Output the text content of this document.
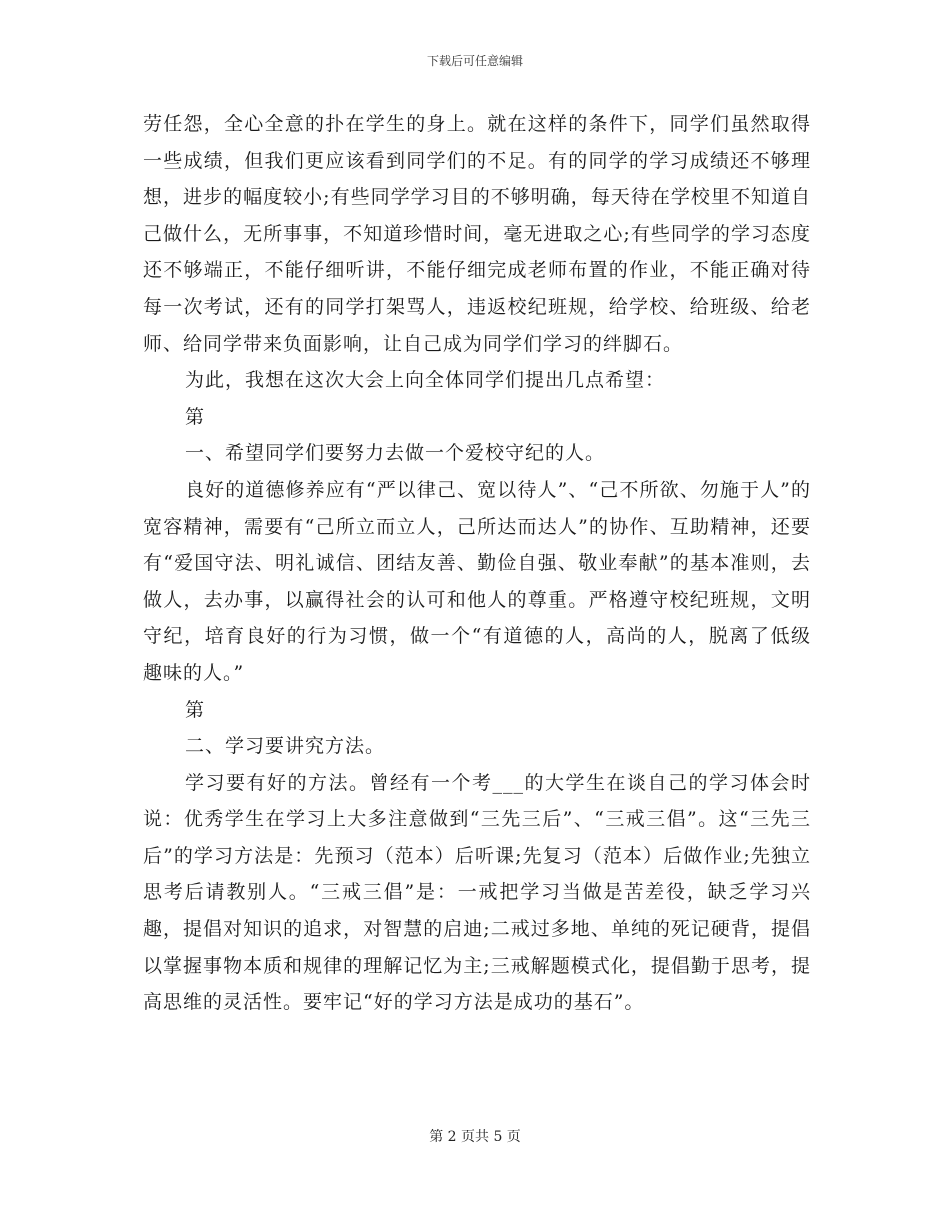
下载后可任意编辑

劳任怨，全心全意的扑在学生的身上。就在这样的条件下，同学们虽然取得一些成绩，但我们更应该看到同学们的不足。有的同学的学习成绩还不够理想，进步的幅度较小;有些同学学习目的不够明确，每天待在学校里不知道自己做什么，无所事事，不知道珍惜时间，毫无进取之心;有些同学的学习态度还不够端正，不能仔细听讲，不能仔细完成老师布置的作业，不能正确对待每一次考试，还有的同学打架骂人，违返校纪班规，给学校、给班级、给老师、给同学带来负面影响，让自己成为同学们学习的绊脚石。

为此，我想在这次大会上向全体同学们提出几点希望：

第

一、希望同学们要努力去做一个爱校守纪的人。

良好的道德修养应有“严以律己、宽以待人”、“己不所欲、勿施于人”的宽容精神，需要有“己所立而立人，己所达而达人”的协作、互助精神，还要有“爱国守法、明礼诚信、团结友善、勤俭自强、敬业奉献”的基本准则，去做人，去办事，以赢得社会的认可和他人的尊重。严格遵守校纪班规，文明守纪，培育良好的行为习惯，做一个“有道德的人，高尚的人，脱离了低级趣味的人。”

第

二、学习要讲究方法。

学习要有好的方法。曾经有一个考___的大学生在谈自己的学习体会时说：优秀学生在学习上大多注意做到“三先三后”、“三戒三倡”。这“三先三后”的学习方法是：先预习（范本）后听课;先复习（范本）后做作业;先独立思考后请教别人。“三戒三倡”是：一戒把学习当做是苦差役，缺乏学习兴趣，提倡对知识的追求，对智慧的启迪;二戒过多地、单纯的死记硬背，提倡以掌握事物本质和规律的理解记忆为主;三戒解题模式化，提倡勤于思考，提高思维的灵活性。要牢记“好的学习方法是成功的基石”。

第 2 页共 5 页
